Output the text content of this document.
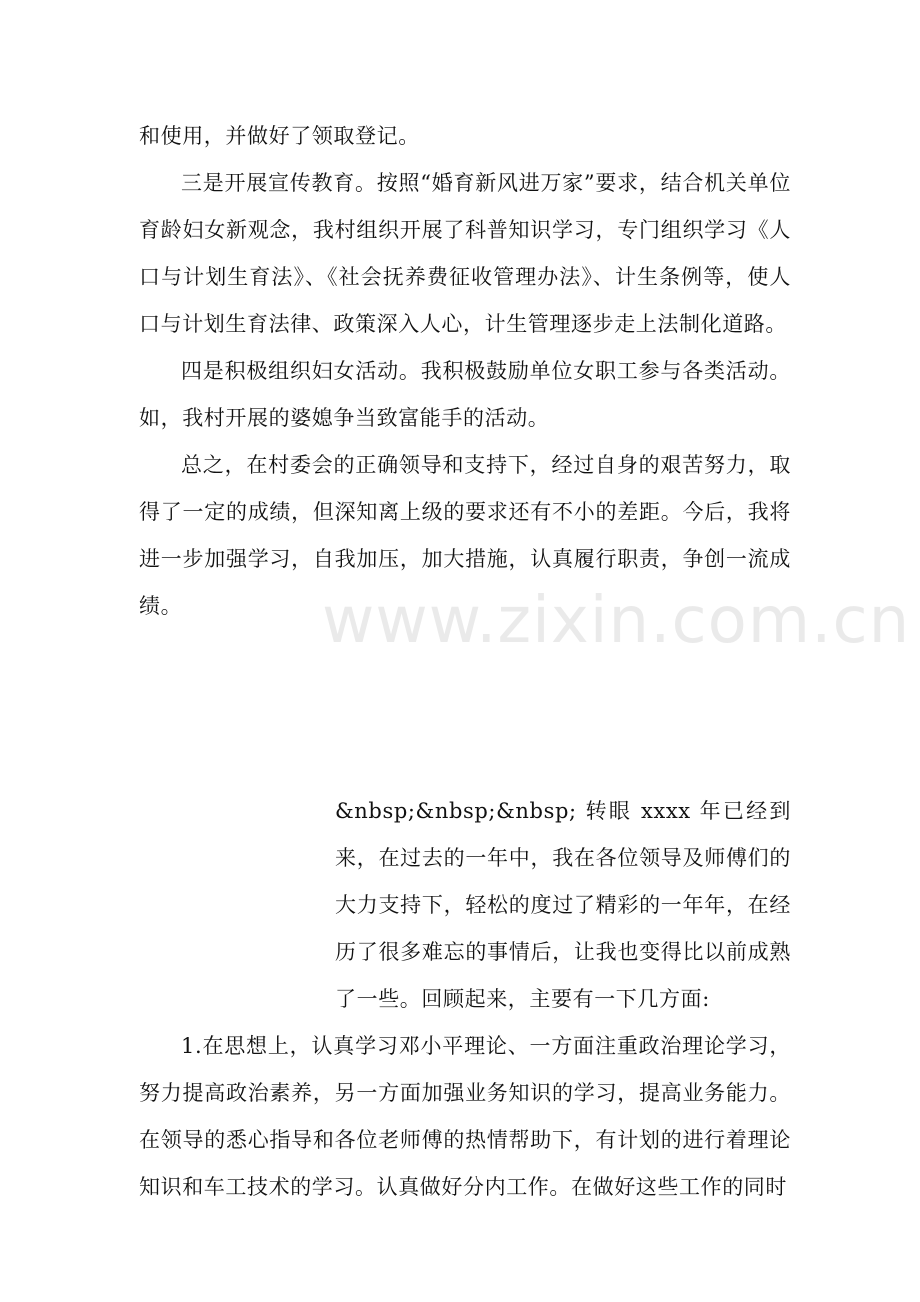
和使用，并做好了领取登记。

三是开展宣传教育。按照“婚育新风进万家”要求，结合机关单位育龄妇女新观念，我村组织开展了科普知识学习，专门组织学习《人口与计划生育法》、《社会抚养费征收管理办法》、计生条例等，使人口与计划生育法律、政策深入人心，计生管理逐步走上法制化道路。

四是积极组织妇女活动。我积极鼓励单位女职工参与各类活动。如，我村开展的婆媳争当致富能手的活动。

总之，在村委会的正确领导和支持下，经过自身的艰苦努力，取得了一定的成绩，但深知离上级的要求还有不小的差距。今后，我将进一步加强学习，自我加压，加大措施，认真履行职责，争创一流成绩。	www.zixin.com.cn

&nbsp;&nbsp;&nbsp; 转眼 xxxx 年已经到来，在过去的一年中，我在各位领导及师傅们的大力支持下，轻松的度过了精彩的一年年，在经历了很多难忘的事情后，让我也变得比以前成熟了一些。回顾起来，主要有一下几方面:

1.在思想上，认真学习邓小平理论、一方面注重政治理论学习，努力提高政治素养，另一方面加强业务知识的学习，提高业务能力。在领导的悉心指导和各位老师傅的热情帮助下，有计划的进行着理论知识和车工技术的学习。认真做好分内工作。在做好这些工作的同时
